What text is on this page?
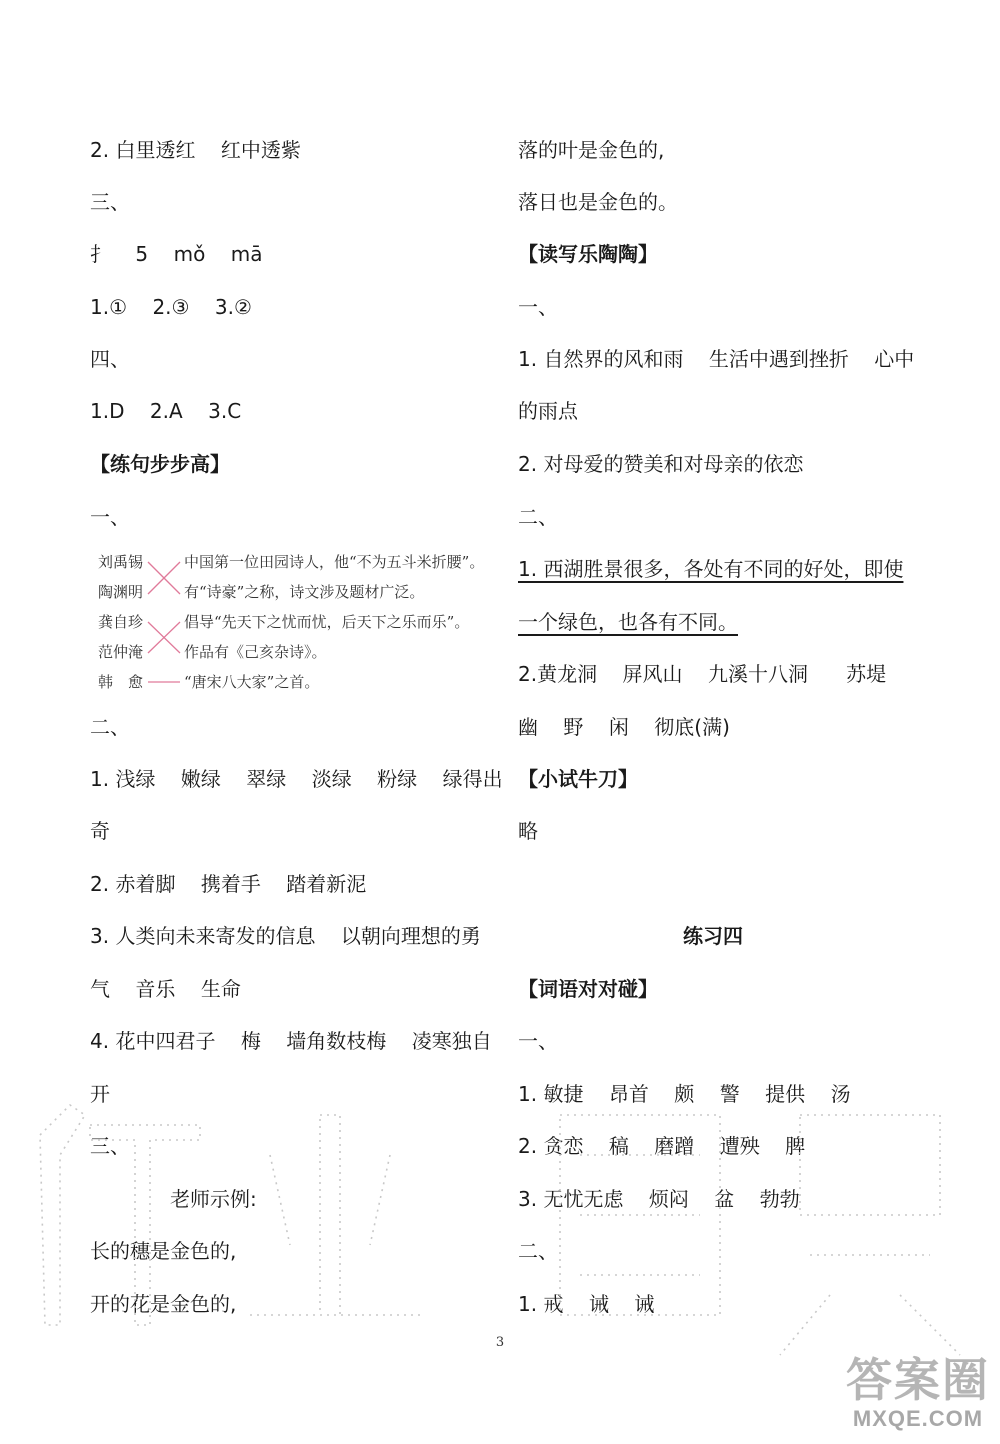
2. 白里透红    红中透紫
三、
扌    5    mǒ    mā
1.①    2.③    3.②
四、
1.D    2.A    3.C
【练句步步高】
一、
刘禹锡
陶渊明
龚自珍
范仲淹
韩　愈
中国第一位田园诗人，他“不为五斗米折腰”。
有“诗豪”之称，诗文涉及题材广泛。
倡导“先天下之忧而忧，后天下之乐而乐”。
作品有《己亥杂诗》。
“唐宋八大家”之首。
二、
1. 浅绿    嫩绿    翠绿    淡绿    粉绿    绿得出
奇
2. 赤着脚    携着手    踏着新泥
3. 人类向未来寄发的信息    以朝向理想的勇
气    音乐    生命
4. 花中四君子    梅    墙角数枝梅    凌寒独自
开
三、
老师示例:
长的穗是金色的,
开的花是金色的,
落的叶是金色的,
落日也是金色的。
【读写乐陶陶】
一、
1. 自然界的风和雨    生活中遇到挫折    心中
的雨点
2. 对母爱的赞美和对母亲的依恋
二、
1. 西湖胜景很多，各处有不同的好处，即使
一个绿色，也各有不同。
2.黄龙洞    屏风山    九溪十八洞      苏堤
幽    野    闲    彻底(满)
【小试牛刀】
略
练习四
【词语对对碰】
一、
1. 敏捷    昂首    颇    警    提供    汤
2. 贪恋    稿    磨蹭    遭殃    脾
3. 无忧无虑    烦闷    盆    勃勃
二、
1. 戒    诫    诫
3
答案圈
MXQE.COM
